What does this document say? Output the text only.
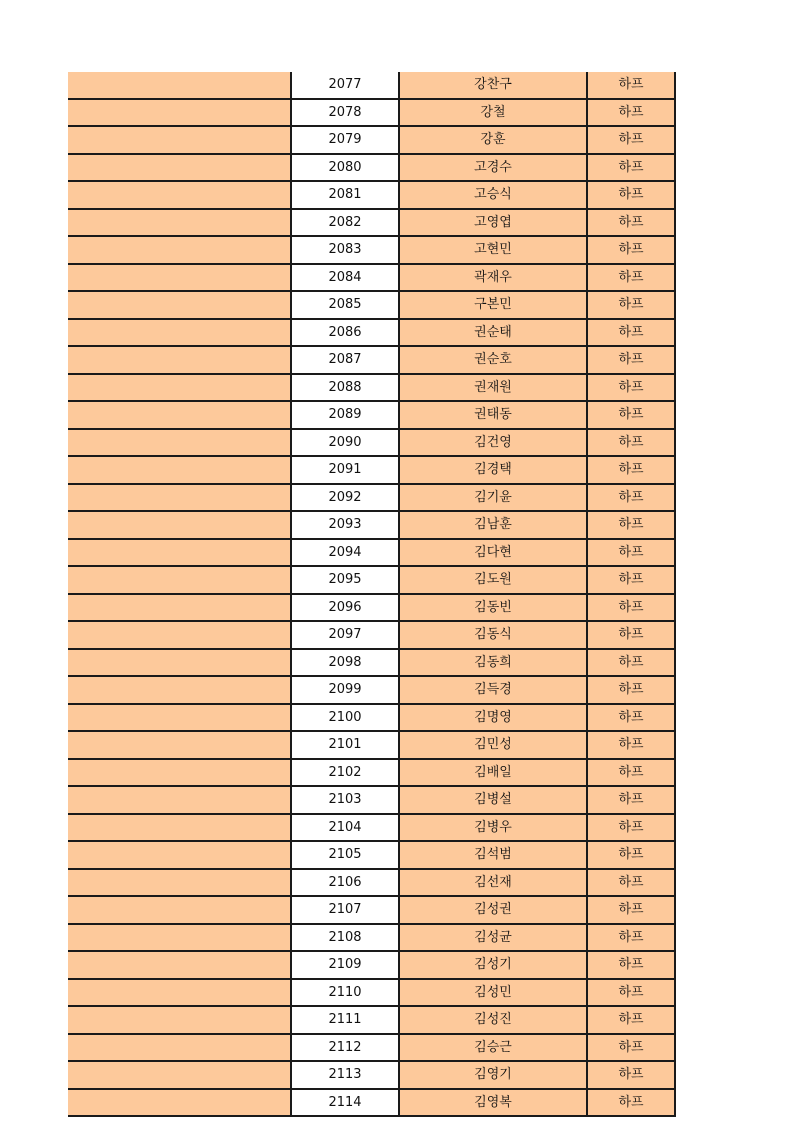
	2077	강찬구	하프
	2078	강철	하프
	2079	강훈	하프
	2080	고경수	하프
	2081	고승식	하프
	2082	고영엽	하프
	2083	고현민	하프
	2084	곽재우	하프
	2085	구본민	하프
	2086	권순태	하프
	2087	권순호	하프
	2088	권재원	하프
	2089	권태동	하프
	2090	김건영	하프
	2091	김경택	하프
	2092	김기윤	하프
	2093	김남훈	하프
	2094	김다현	하프
	2095	김도원	하프
	2096	김동빈	하프
	2097	김동식	하프
	2098	김동희	하프
	2099	김득경	하프
	2100	김명영	하프
	2101	김민성	하프
	2102	김배일	하프
	2103	김병설	하프
	2104	김병우	하프
	2105	김석범	하프
	2106	김선재	하프
	2107	김성권	하프
	2108	김성균	하프
	2109	김성기	하프
	2110	김성민	하프
	2111	김성진	하프
	2112	김승근	하프
	2113	김영기	하프
	2114	김영복	하프
